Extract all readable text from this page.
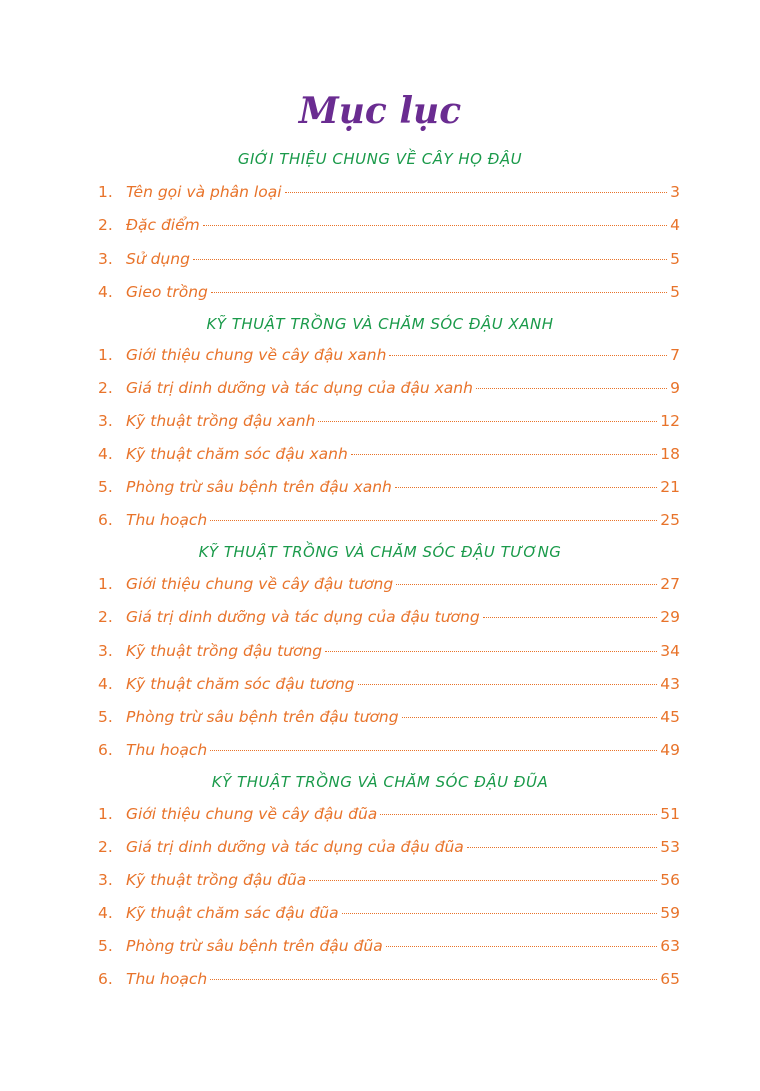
Mục lục
GIỚI THIỆU CHUNG VỀ CÂY HỌ ĐẬU
1. Tên gọi và phân loại	3
2. Đặc điểm	4
3. Sử dụng	5
4. Gieo trồng	5
KỸ THUẬT TRỒNG VÀ CHĂM SÓC ĐẬU XANH
1. Giới thiệu chung về cây đậu xanh	7
2. Giá trị dinh dưỡng và tác dụng của đậu xanh	9
3. Kỹ thuật trồng đậu xanh	12
4. Kỹ thuật chăm sóc đậu xanh	18
5. Phòng trừ sâu bệnh trên đậu xanh	21
6. Thu hoạch	25
KỸ THUẬT TRỒNG VÀ CHĂM SÓC ĐẬU TƯƠNG
1. Giới thiệu chung về cây đậu tương	27
2. Giá trị dinh dưỡng và tác dụng của đậu tương	29
3. Kỹ thuật trồng đậu tương	34
4. Kỹ thuật chăm sóc đậu tương	43
5. Phòng trừ sâu bệnh trên đậu tương	45
6. Thu hoạch	49
KỸ THUẬT TRỒNG VÀ CHĂM SÓC ĐẬU ĐŨA
1. Giới thiệu chung về cây đậu đũa	51
2. Giá trị dinh dưỡng và tác dụng của đậu đũa	53
3. Kỹ thuật trồng đậu đũa	56
4. Kỹ thuật chăm sác đậu đũa	59
5. Phòng trừ sâu bệnh trên đậu đũa	63
6. Thu hoạch	65
